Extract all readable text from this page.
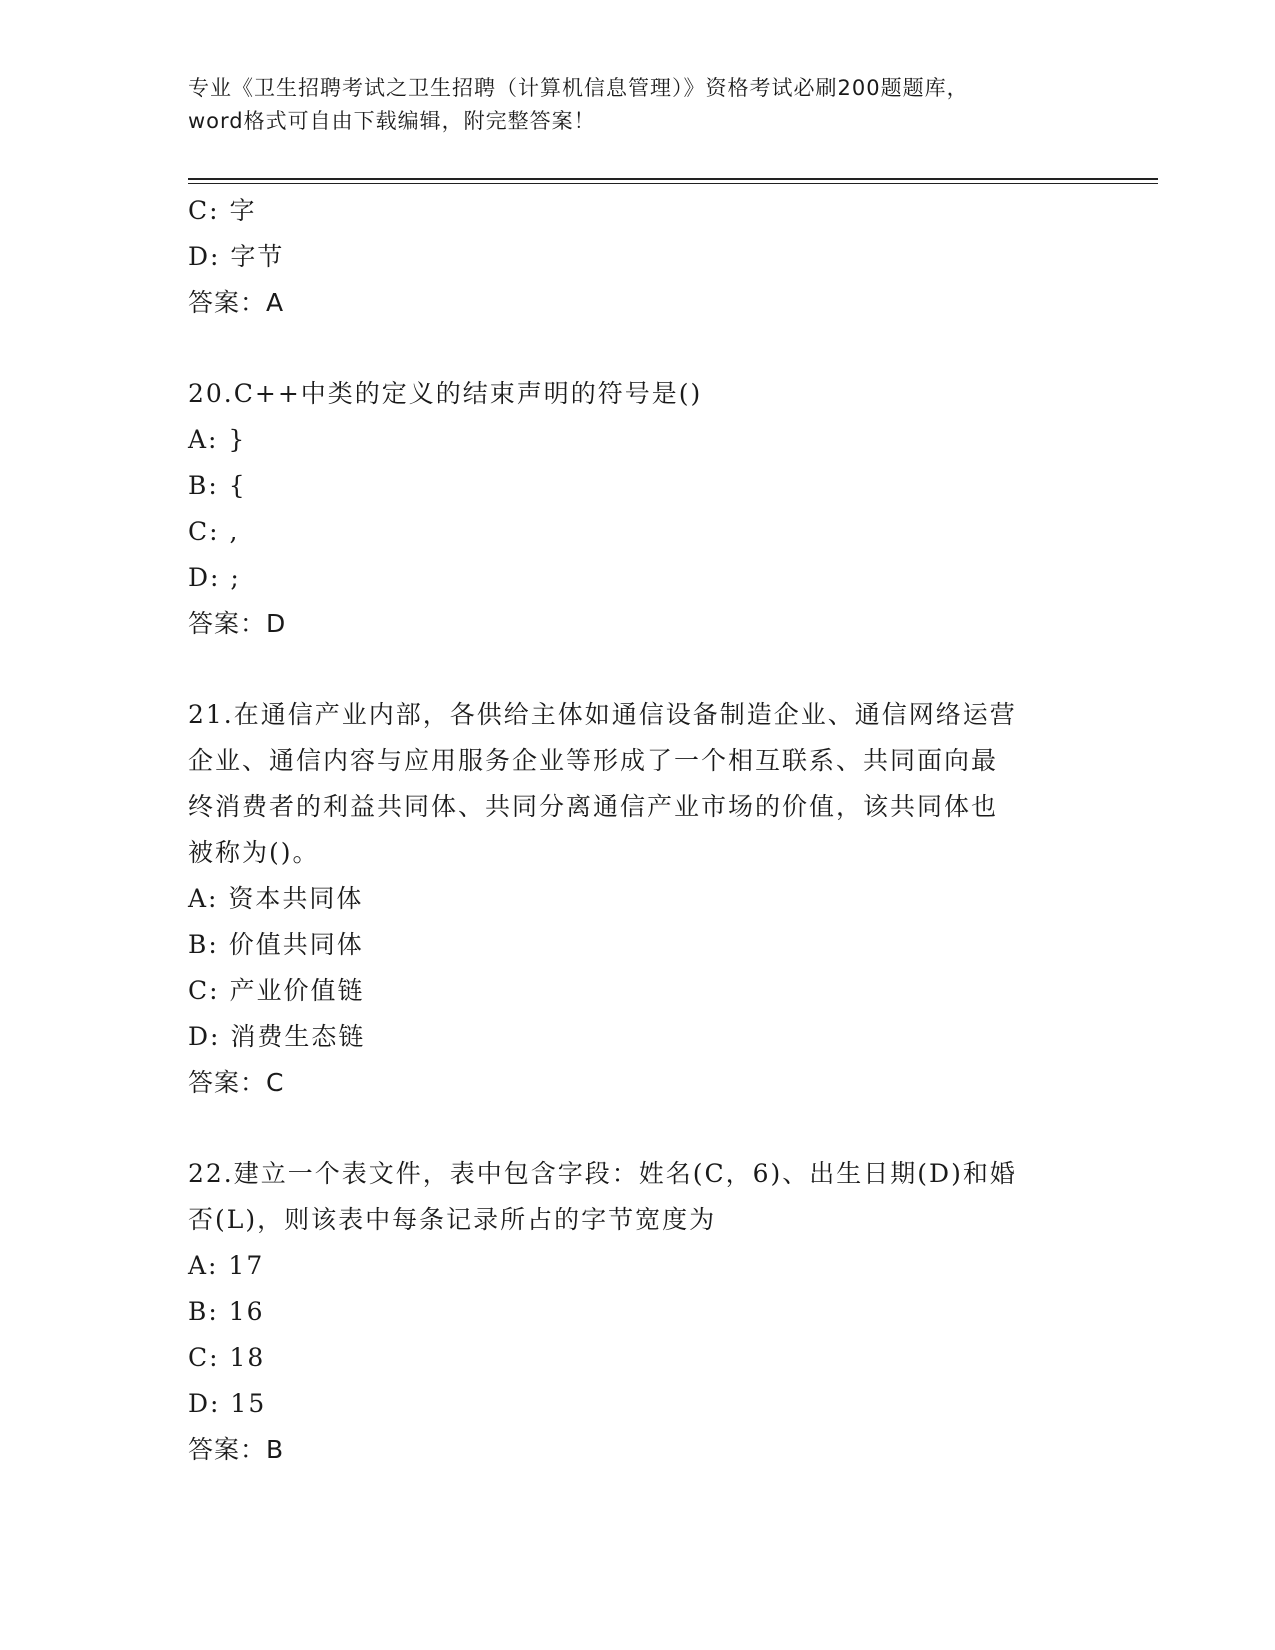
专业《卫生招聘考试之卫生招聘（计算机信息管理）》资格考试必刷200题题库，
word格式可自由下载编辑，附完整答案！
C: 字
D: 字节
答案：A
20.C++中类的定义的结束声明的符号是()
A: }
B: {
C: ,
D: ;
答案：D
21.在通信产业内部，各供给主体如通信设备制造企业、通信网络运营
企业、通信内容与应用服务企业等形成了一个相互联系、共同面向最
终消费者的利益共同体、共同分离通信产业市场的价值，该共同体也
被称为()。
A: 资本共同体
B: 价值共同体
C: 产业价值链
D: 消费生态链
答案：C
22.建立一个表文件，表中包含字段：姓名(C，6)、出生日期(D)和婚
否(L)，则该表中每条记录所占的字节宽度为
A: 17
B: 16
C: 18
D: 15
答案：B
